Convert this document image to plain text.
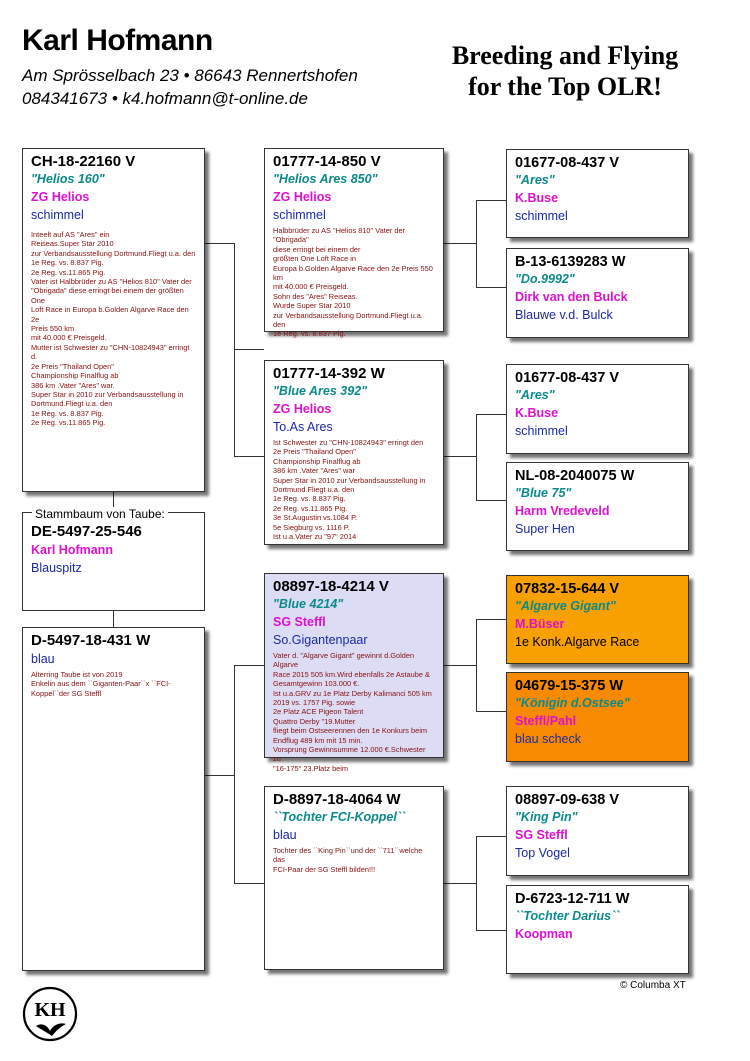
Karl Hofmann
Am Sprösselbach 23 • 86643 Rennertshofen
084341673 • k4.hofmann@t-online.de
Breeding and Flying
for the Top OLR!
CH-18-22160 V
"Helios 160"
ZG Helios
schimmel
Inteelt auf AS "Ares" ein
Reiseas.Super Star 2010
zur Verbandsausstellung Dortmund.Fliegt u.a. den
1e Reg. vs. 8.837 Pig.
2e Reg. vs.11.865 Pig.
Vater ist Halbbrüder zu AS "Helios 810" Vater der
"Obrigada" diese erringt bei einem der größten One
Loft Race in Europa b.Golden Algarve Race den 2e
Preis 550 km
mit 40.000 € Preisgeld.
Mutter ist Schwester zu "CHN-10824943" erringt d.
2e Preis "Thailand Open"
Championship Finalflug ab
386 km .Vater "Ares" war.
Super Star in 2010 zur Verbandsausstellung in
Dortmund.Fliegt u.a. den
1e Reg. vs. 8.837 Pig.
2e Reg. vs.11.865 Pig.
DE-5497-25-546
Karl Hofmann
Blauspitz
Stammbaum von Taube:
D-5497-18-431 W
blau
Alterring Taube ist von 2019
Enkelin aus dem ``Giganten-Paar``x ``FCI-
Koppel``der SG Steffl
01777-14-850 V
"Helios Ares 850"
ZG Helios
schimmel
Halbbrüder zu AS "Helios 810" Vater der
"Obrigada"
diese erringt bei einem der
größten One Loft Race in
Europa b.Golden Algarve Race den 2e Preis 550
km
mit 40.000 € Preisgeld.
Sohn des "Ares" Reiseas.
Wurde Super Star 2010
zur Verbandsausstellung Dortmund.Fliegt u.a. den
1e Reg. vs. 8.837 Pig.
01777-14-392 W
"Blue Ares 392"
ZG Helios
To.As Ares
Ist Schwester zu "CHN-10824943" erringt den
2e Preis "Thailand Open"
Championship Finalflug ab
386 km .Vater "Ares" war
Super Star in 2010 zur Verbandsausstellung in
Dortmund.Fliegt u.a. den
1e Reg. vs. 8.837 Pig.
2e Reg. vs.11.865 Pig.
3e St.Augustin vs.1084 P.
5e Siegburg vs. 1116 P.
Ist u.a.Vater zu "97" 2014
08897-18-4214 V
"Blue 4214"
SG Steffl
So.Gigantenpaar
Vater d. "Algarve Gigant" gewinnt d.Golden Algarve
Race 2015 505 km.Wird ebenfalls 2e Astaube &
Gesamtgewinn 103.000 €.
Ist u.a.GRV zu 1e Platz Derby Kalimanci 505 km
2019 vs. 1757 Pig. sowie
2e Platz ACE Pigeon Talent
Quattro Derby "19.Mutter
fliegt beim Ostseerennen den 1e Konkurs beim
Endflug 489 km mit 15 min.
Vorsprung Gewinnsumme 12.000 €.Schwester zu
"16-175" 23.Platz beim
D-8897-18-4064 W
``Tochter FCI-Koppel``
blau
Tochter des ``King Pin``und der ``711``welche das
FCI-Paar der SG Steffl bilden!!!
01677-08-437 V
"Ares"
K.Buse
schimmel
B-13-6139283 W
"Do.9992"
Dirk van den Bulck
Blauwe v.d. Bulck
01677-08-437 V
"Ares"
K.Buse
schimmel
NL-08-2040075 W
"Blue 75"
Harm Vredeveld
Super Hen
07832-15-644 V
"Algarve Gigant"
M.Büser
1e Konk.Algarve Race
04679-15-375 W
"Königin d.Ostsee"
Steffl/Pahl
blau scheck
08897-09-638 V
"King Pin"
SG Steffl
Top Vogel
D-6723-12-711 W
``Tochter Darius``
Koopman
KH
© Columba XT
